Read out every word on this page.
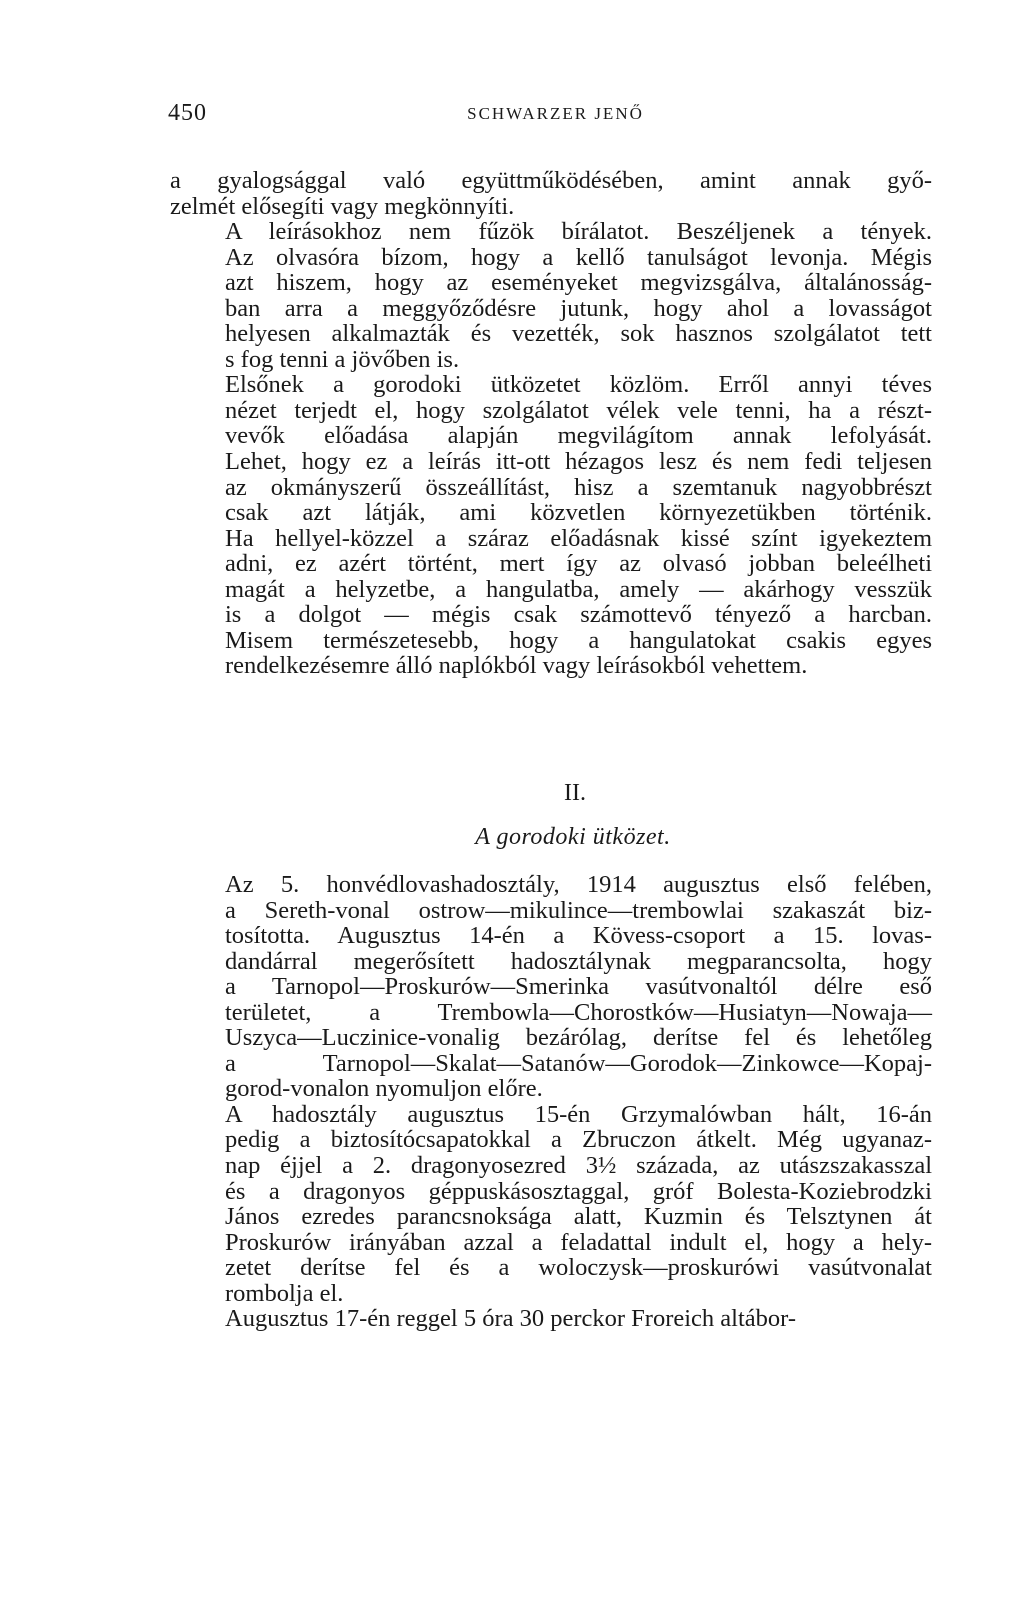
450	SCHWARZER JENŐ

a gyalogsággal való együttműködésében, amint annak győ-
zelmét elősegíti vagy megkönnyíti.

A leírásokhoz nem fűzök bírálatot. Beszéljenek a tények.
Az olvasóra bízom, hogy a kellő tanulságot levonja. Mégis
azt hiszem, hogy az eseményeket megvizsgálva, általánosság-
ban arra a meggyőződésre jutunk, hogy ahol a lovasságot
helyesen alkalmazták és vezették, sok hasznos szolgálatot tett
s fog tenni a jövőben is.

Elsőnek a gorodoki ütközetet közlöm. Erről annyi téves
nézet terjedt el, hogy szolgálatot vélek vele tenni, ha a részt-
vevők előadása alapján megvilágítom annak lefolyását.
Lehet, hogy ez a leírás itt-ott hézagos lesz és nem fedi teljesen
az okmányszerű összeállítást, hisz a szemtanuk nagyobbrészt
csak azt látják, ami közvetlen környezetükben történik.
Ha hellyel-közzel a száraz előadásnak kissé színt igyekeztem
adni, ez azért történt, mert így az olvasó jobban beleélheti
magát a helyzetbe, a hangulatba, amely — akárhogy vesszük
is a dolgot — mégis csak számottevő tényező a harcban.
Misem természetesebb, hogy a hangulatokat csakis egyes
rendelkezésemre álló naplókból vagy leírásokból vehettem.

II.
A gorodoki ütközet.

Az 5. honvédlovashadosztály, 1914 augusztus első felében,
a Sereth-vonal ostrow—mikulince—trembowlai szakaszát biz-
tosította. Augusztus 14-én a Kövess-csoport a 15. lovas-
dandárral megerősített hadosztálynak megparancsolta, hogy
a Tarnopol—Proskurów—Smerinka vasútvonaltól délre eső
területet, a Trembowla—Chorostków—Husiatyn—Nowaja—
Uszyca—Luczinice-vonalig bezárólag, derítse fel és lehetőleg
a Tarnopol—Skalat—Satanów—Gorodok—Zinkowce—Kopaj-
gorod-vonalon nyomuljon előre.

A hadosztály augusztus 15-én Grzymalówban hált, 16-án
pedig a biztosítócsapatokkal a Zbruczon átkelt. Még ugyanaz-
nap éjjel a 2. dragonyosezred 3½ százada, az utászszakasszal
és a dragonyos géppuskásosztaggal, gróf Bolesta-Koziebrodzki
János ezredes parancsnoksága alatt, Kuzmin és Telsztynen át
Proskurów irányában azzal a feladattal indult el, hogy a hely-
zetet derítse fel és a woloczysk—proskurówi vasútvonalat
rombolja el.

Augusztus 17-én reggel 5 óra 30 perckor Froreich altábor-
